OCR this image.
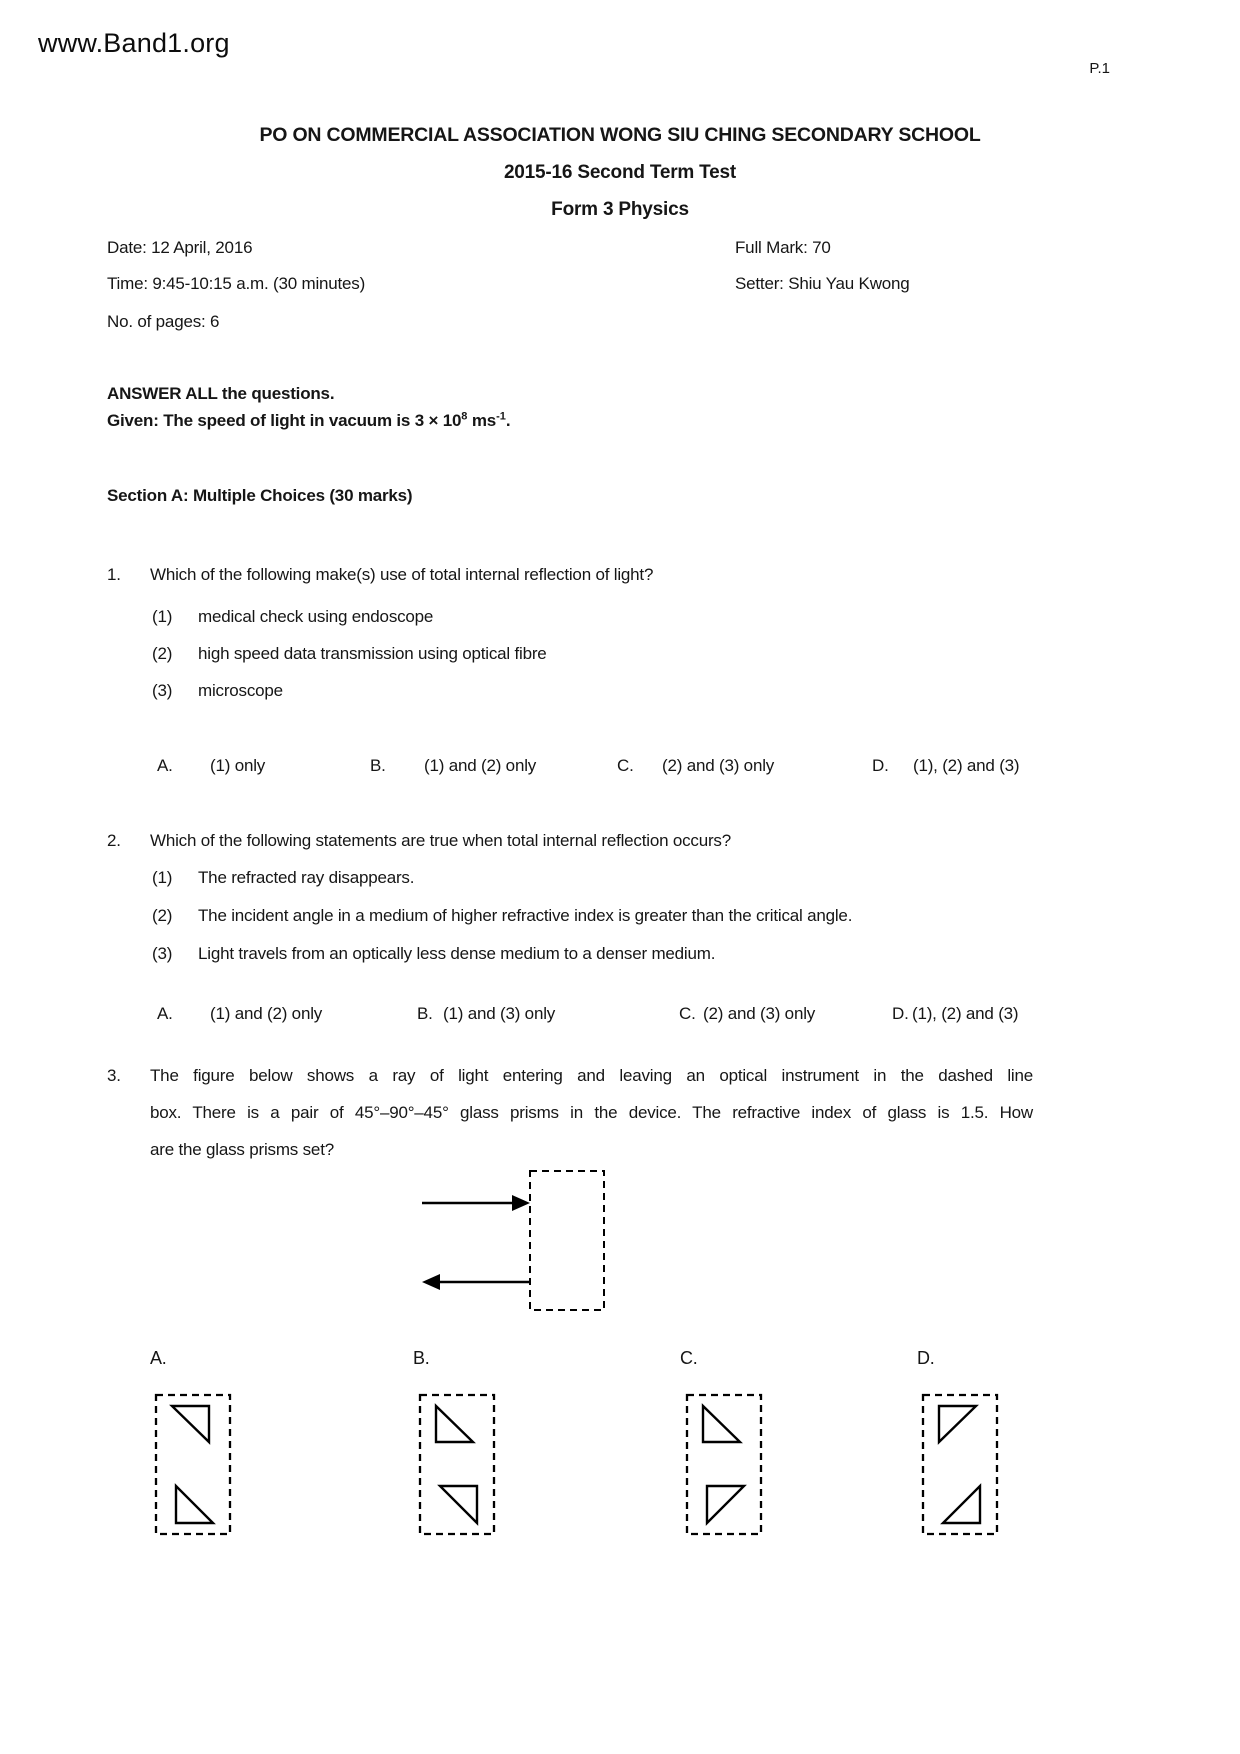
www.Band1.org
P.1
PO ON COMMERCIAL ASSOCIATION WONG SIU CHING SECONDARY SCHOOL
2015-16 Second Term Test
Form 3 Physics
Date: 12 April, 2016	Full Mark: 70
Time: 9:45-10:15 a.m. (30 minutes)	Setter: Shiu Yau Kwong
No. of pages: 6
ANSWER ALL the questions.
Given: The speed of light in vacuum is $3 \times 10^8$ $ms^{-1}$.
Section A: Multiple Choices (30 marks)
1. Which of the following make(s) use of total internal reflection of light?
(1) medical check using endoscope
(2) high speed data transmission using optical fibre
(3) microscope
A. (1) only	B. (1) and (2) only	C. (2) and (3) only	D. (1), (2) and (3)
2. Which of the following statements are true when total internal reflection occurs?
(1) The refracted ray disappears.
(2) The incident angle in a medium of higher refractive index is greater than the critical angle.
(3) Light travels from an optically less dense medium to a denser medium.
A. (1) and (2) only	B. (1) and (3) only	C. (2) and (3) only	D. (1), (2) and (3)
3. The figure below shows a ray of light entering and leaving an optical instrument in the dashed line
box. There is a pair of 45°–90°–45° glass prisms in the device. The refractive index of glass is 1.5. How
are the glass prisms set?
A.	B.	C.	D.
